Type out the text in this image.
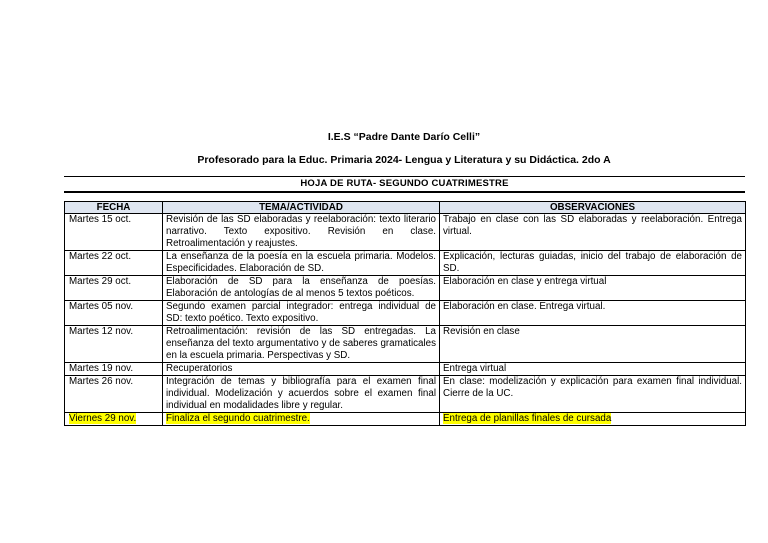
I.E.S “Padre Dante Darío Celli”
Profesorado para la Educ. Primaria 2024- Lengua y Literatura y su Didáctica. 2do A
HOJA DE RUTA- SEGUNDO CUATRIMESTRE
FECHA	TEMA/ACTIVIDAD	OBSERVACIONES
Martes 15 oct.	Revisión de las SD elaboradas y reelaboración: texto literario narrativo. Texto expositivo. Revisión en clase. Retroalimentación y reajustes.	Trabajo en clase con las SD elaboradas y reelaboración. Entrega virtual.
Martes 22 oct.	La enseñanza de la poesía en la escuela primaria. Modelos. Especificidades. Elaboración de SD.	Explicación, lecturas guiadas, inicio del trabajo de elaboración de SD.
Martes 29 oct.	Elaboración de SD para la enseñanza de poesías. Elaboración de antologías de al menos 5 textos poéticos.	Elaboración en clase y entrega virtual
Martes 05 nov.	Segundo examen parcial integrador: entrega individual de SD: texto poético. Texto expositivo.	Elaboración en clase. Entrega virtual.
Martes 12 nov.	Retroalimentación: revisión de las SD entregadas. La enseñanza del texto argumentativo y de saberes gramaticales en la escuela primaria. Perspectivas y SD.	Revisión en clase
Martes 19 nov.	Recuperatorios	Entrega virtual
Martes 26 nov.	Integración de temas y bibliografía para el examen final individual. Modelización y acuerdos sobre el examen final individual en modalidades libre y regular.	En clase: modelización y explicación para examen final individual. Cierre de la UC.
Viernes 29 nov.	Finaliza el segundo cuatrimestre.	Entrega de planillas finales de cursada
